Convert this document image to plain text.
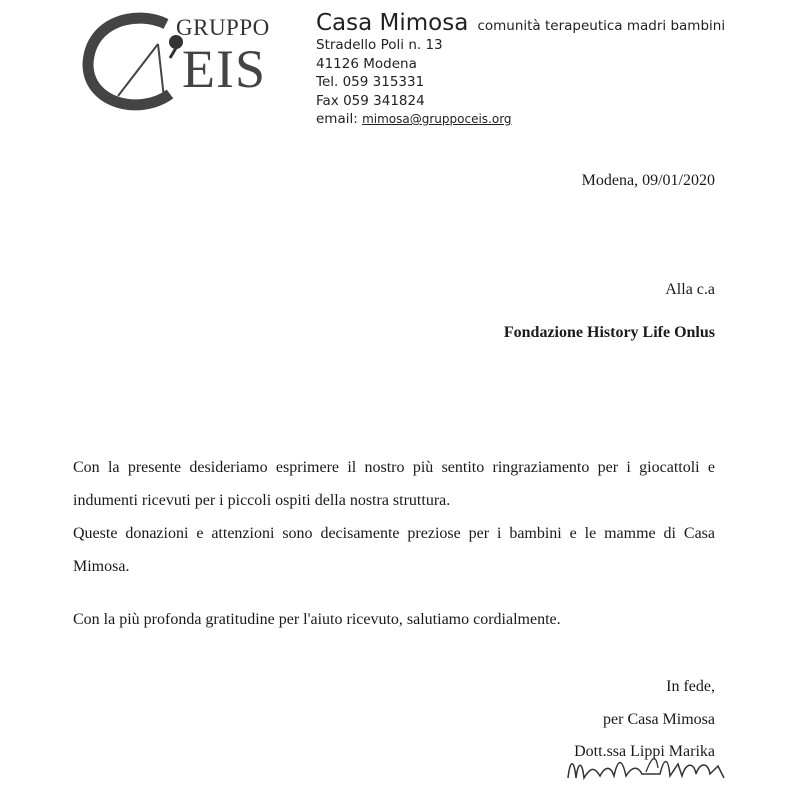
GRUPPO
EIS
Casa Mimosa comunità terapeutica madri bambini
Stradello Poli n. 13
41126 Modena
Tel. 059 315331
Fax 059 341824
email: mimosa@gruppoceis.org
Modena, 09/01/2020
Alla c.a
Fondazione History Life Onlus
Con la presente desideriamo esprimere il nostro più sentito ringraziamento per i giocattoli e indumenti ricevuti per i piccoli ospiti della nostra struttura.
Queste donazioni e attenzioni sono decisamente preziose per i bambini e le mamme di Casa Mimosa.
Con la più profonda gratitudine per l'aiuto ricevuto, salutiamo cordialmente.
In fede,
per Casa Mimosa
Dott.ssa Lippi Marika
